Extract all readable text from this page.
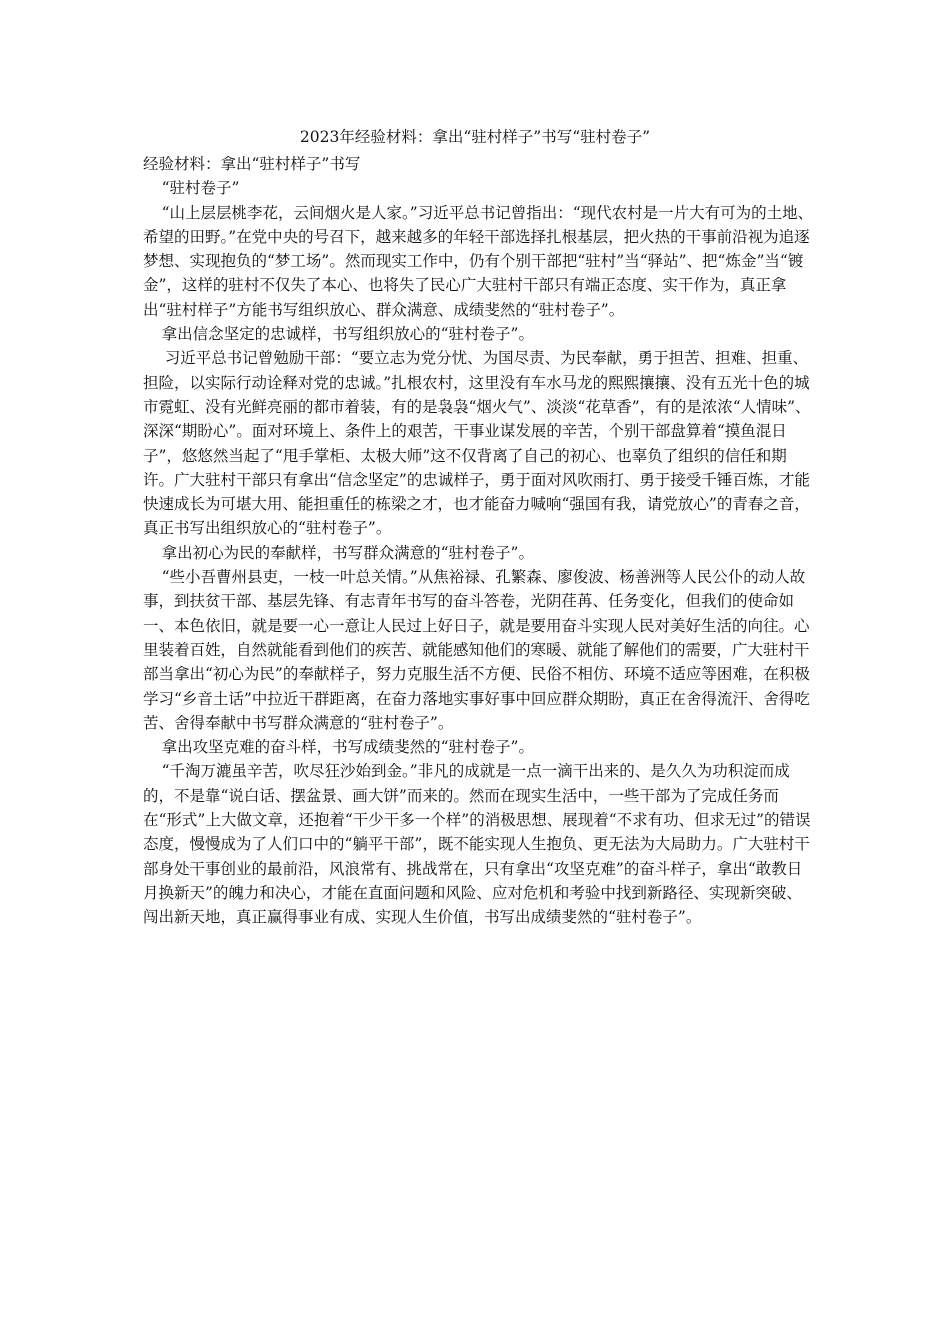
2023年经验材料：拿出“驻村样子”书写“驻村卷子”

经验材料：拿出“驻村样子”书写

“驻村卷子”

“山上层层桃李花，云间烟火是人家。”习近平总书记曾指出：“现代农村是一片大有可为的土地、希望的田野。”在党中央的号召下，越来越多的年轻干部选择扎根基层，把火热的干事前沿视为追逐梦想、实现抱负的“梦工场”。然而现实工作中，仍有个别干部把“驻村”当“驿站”、把“炼金”当“镀金”，这样的驻村不仅失了本心、也将失了民心广大驻村干部只有端正态度、实干作为，真正拿出“驻村样子”方能书写组织放心、群众满意、成绩斐然的“驻村卷子”。

拿出信念坚定的忠诚样，书写组织放心的“驻村卷子”。

习近平总书记曾勉励干部：“要立志为党分忧、为国尽责、为民奉献，勇于担苦、担难、担重、担险，以实际行动诠释对党的忠诚。”扎根农村，这里没有车水马龙的熙熙攘攘、没有五光十色的城市霓虹、没有光鲜亮丽的都市着装，有的是袅袅“烟火气”、淡淡“花草香”，有的是浓浓“人情味”、深深“期盼心”。面对环境上、条件上的艰苦，干事业谋发展的辛苦，个别干部盘算着“摸鱼混日子”，悠悠然当起了“甩手掌柜、太极大师”这不仅背离了自己的初心、也辜负了组织的信任和期许。广大驻村干部只有拿出“信念坚定”的忠诚样子，勇于面对风吹雨打、勇于接受千锤百炼，才能快速成长为可堪大用、能担重任的栋梁之才，也才能奋力喊响“强国有我，请党放心”的青春之音，真正书写出组织放心的“驻村卷子”。

拿出初心为民的奉献样，书写群众满意的“驻村卷子”。

“些小吾曹州县吏，一枝一叶总关情。”从焦裕禄、孔繁森、廖俊波、杨善洲等人民公仆的动人故事，到扶贫干部、基层先锋、有志青年书写的奋斗答卷，光阴荏苒、任务变化，但我们的使命如一、本色依旧，就是要一心一意让人民过上好日子，就是要用奋斗实现人民对美好生活的向往。心里装着百姓，自然就能看到他们的疾苦、就能感知他们的寒暖、就能了解他们的需要，广大驻村干部当拿出“初心为民”的奉献样子，努力克服生活不方便、民俗不相仿、环境不适应等困难，在积极学习“乡音土话”中拉近干群距离，在奋力落地实事好事中回应群众期盼，真正在舍得流汗、舍得吃苦、舍得奉献中书写群众满意的“驻村卷子”。

拿出攻坚克难的奋斗样，书写成绩斐然的“驻村卷子”。

“千淘万漉虽辛苦，吹尽狂沙始到金。”非凡的成就是一点一滴干出来的、是久久为功积淀而成的，不是靠“说白话、摆盆景、画大饼”而来的。然而在现实生活中，一些干部为了完成任务而在“形式”上大做文章，还抱着“干少干多一个样”的消极思想、展现着“不求有功、但求无过”的错误态度，慢慢成为了人们口中的“躺平干部”，既不能实现人生抱负、更无法为大局助力。广大驻村干部身处干事创业的最前沿，风浪常有、挑战常在，只有拿出“攻坚克难”的奋斗样子，拿出“敢教日月换新天”的魄力和决心，才能在直面问题和风险、应对危机和考验中找到新路径、实现新突破、闯出新天地，真正赢得事业有成、实现人生价值，书写出成绩斐然的“驻村卷子”。
